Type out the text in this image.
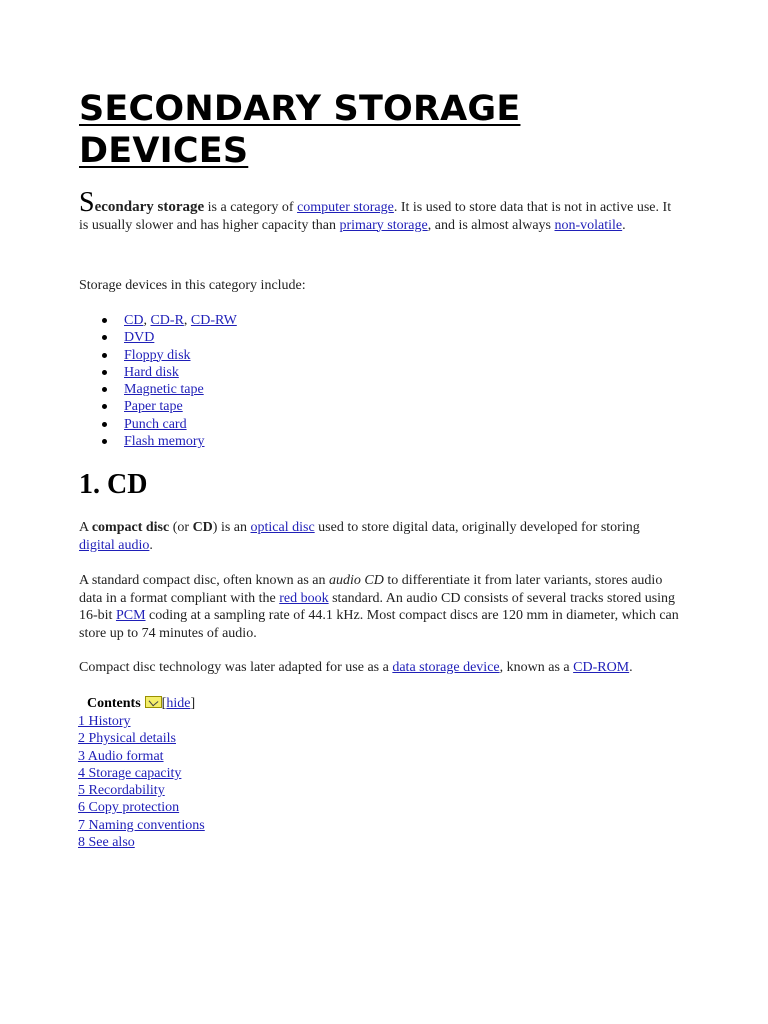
SECONDARY STORAGE DEVICES

Secondary storage is a category of computer storage. It is used to store data that is not in active use. It is usually slower and has higher capacity than primary storage, and is almost always non-volatile.

Storage devices in this category include:

CD, CD-R, CD-RW
DVD
Floppy disk
Hard disk
Magnetic tape
Paper tape
Punch card
Flash memory
1. CD

A compact disc (or CD) is an optical disc used to store digital data, originally developed for storing digital audio.

A standard compact disc, often known as an audio CD to differentiate it from later variants, stores audio data in a format compliant with the red book standard. An audio CD consists of several tracks stored using 16-bit PCM coding at a sampling rate of 44.1 kHz. Most compact discs are 120 mm in diameter, which can store up to 74 minutes of audio.

Compact disc technology was later adapted for use as a data storage device, known as a CD-ROM.

Contents [hide]
1 History
2 Physical details
3 Audio format
4 Storage capacity
5 Recordability
6 Copy protection
7 Naming conventions
8 See also
